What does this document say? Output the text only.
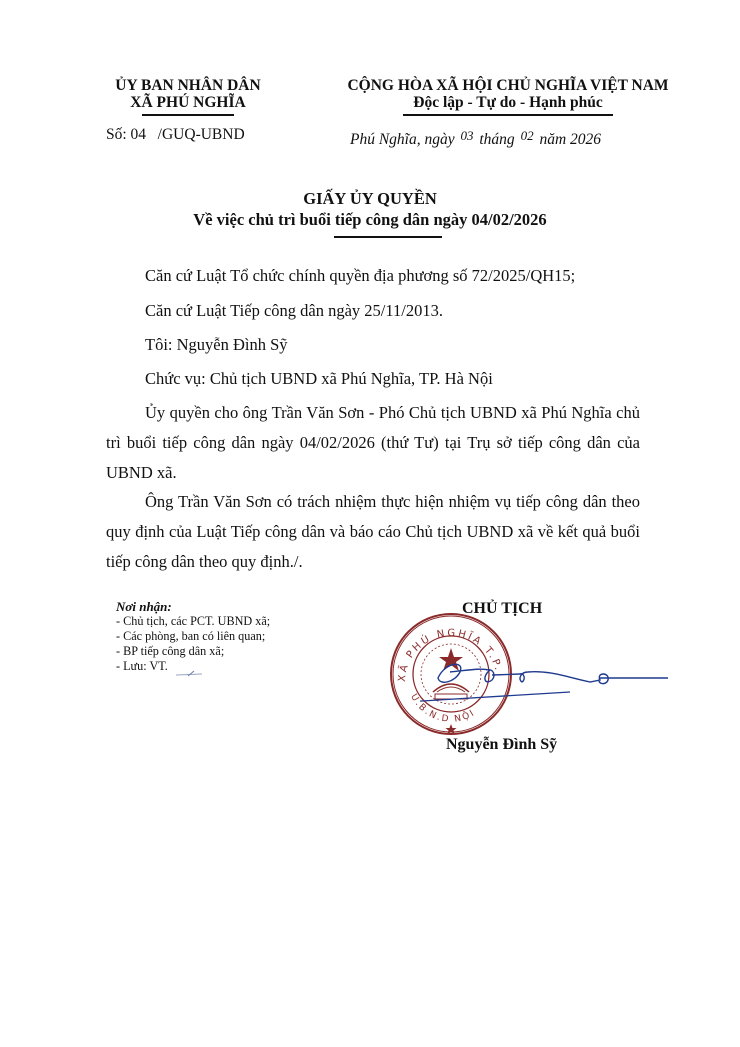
ỦY BAN NHÂN DÂN
XÃ PHÚ NGHĨA
Số: 04   /GUQ-UBND
CỘNG HÒA XÃ HỘI CHỦ NGHĨA VIỆT NAM
Độc lập - Tự do - Hạnh phúc
Phú Nghĩa, ngày $^{03}$ tháng $^{02}$ năm 2026
GIẤY ỦY QUYỀN
Về việc chủ trì buổi tiếp công dân ngày 04/02/2026
Căn cứ Luật Tổ chức chính quyền địa phương số 72/2025/QH15;
Căn cứ Luật Tiếp công dân ngày 25/11/2013.
Tôi: Nguyễn Đình Sỹ
Chức vụ: Chủ tịch UBND xã Phú Nghĩa, TP. Hà Nội
Ủy quyền cho ông Trần Văn Sơn - Phó Chủ tịch UBND xã Phú Nghĩa chủ trì buổi tiếp công dân ngày 04/02/2026 (thứ Tư) tại Trụ sở tiếp công dân của UBND xã.
Ông Trần Văn Sơn có trách nhiệm thực hiện nhiệm vụ tiếp công dân theo quy định của Luật Tiếp công dân và báo cáo Chủ tịch UBND xã về kết quả buổi tiếp công dân theo quy định./.
Nơi nhận:
- Chủ tịch, các PCT. UBND xã;
- Các phòng, ban có liên quan;
- BP tiếp công dân xã;
- Lưu: VT.
CHỦ TỊCH
XÃ PHÚ NGHĨA T.P.
U.B.N.D NỘI
Nguyễn Đình Sỹ
